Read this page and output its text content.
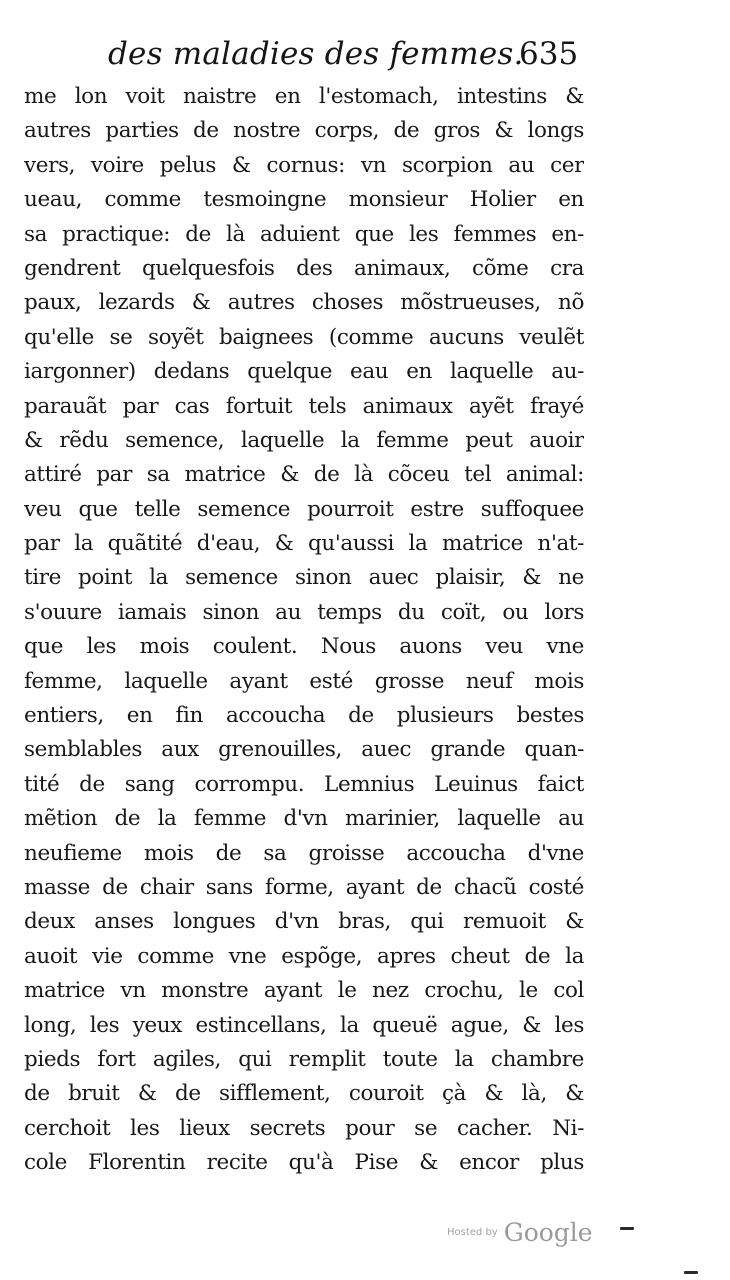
des maladies des femmes.
635
me lon voit naistre en l'estomach, intestins &
autres parties de nostre corps, de gros & longs
vers, voire pelus & cornus: vn scorpion au cer
ueau, comme tesmoingne monsieur Holier en
sa practique: de là aduient que les femmes en-
gendrent quelquesfois des animaux, cõme cra
paux, lezards & autres choses mõstrueuses, nõ
qu'elle se soyẽt baignees (comme aucuns veulẽt
iargonner) dedans quelque eau en laquelle au-
parauãt par cas fortuit tels animaux ayẽt frayé
& rẽdu semence, laquelle la femme peut auoir
attiré par sa matrice & de là cõceu tel animal:
veu que telle semence pourroit estre suffoquee
par la quãtité d'eau, & qu'aussi la matrice n'at-
tire point la semence sinon auec plaisir, & ne
s'ouure iamais sinon au temps du coït, ou lors
que les mois coulent. Nous auons veu vne
femme, laquelle ayant esté grosse neuf mois
entiers, en fin accoucha de plusieurs bestes
semblables aux grenouilles, auec grande quan-
tité de sang corrompu. Lemnius Leuinus faict
mẽtion de la femme d'vn marinier, laquelle au
neufieme mois de sa groisse accoucha d'vne
masse de chair sans forme, ayant de chacũ costé
deux anses longues d'vn bras, qui remuoit &
auoit vie comme vne espõge, apres cheut de la
matrice vn monstre ayant le nez crochu, le col
long, les yeux estincellans, la queuë ague, & les
pieds fort agiles, qui remplit toute la chambre
de bruit & de sifflement, couroit çà & là, &
cerchoit les lieux secrets pour se cacher. Ni-
cole Florentin recite qu'à Pise & encor plus
Hosted by Google
